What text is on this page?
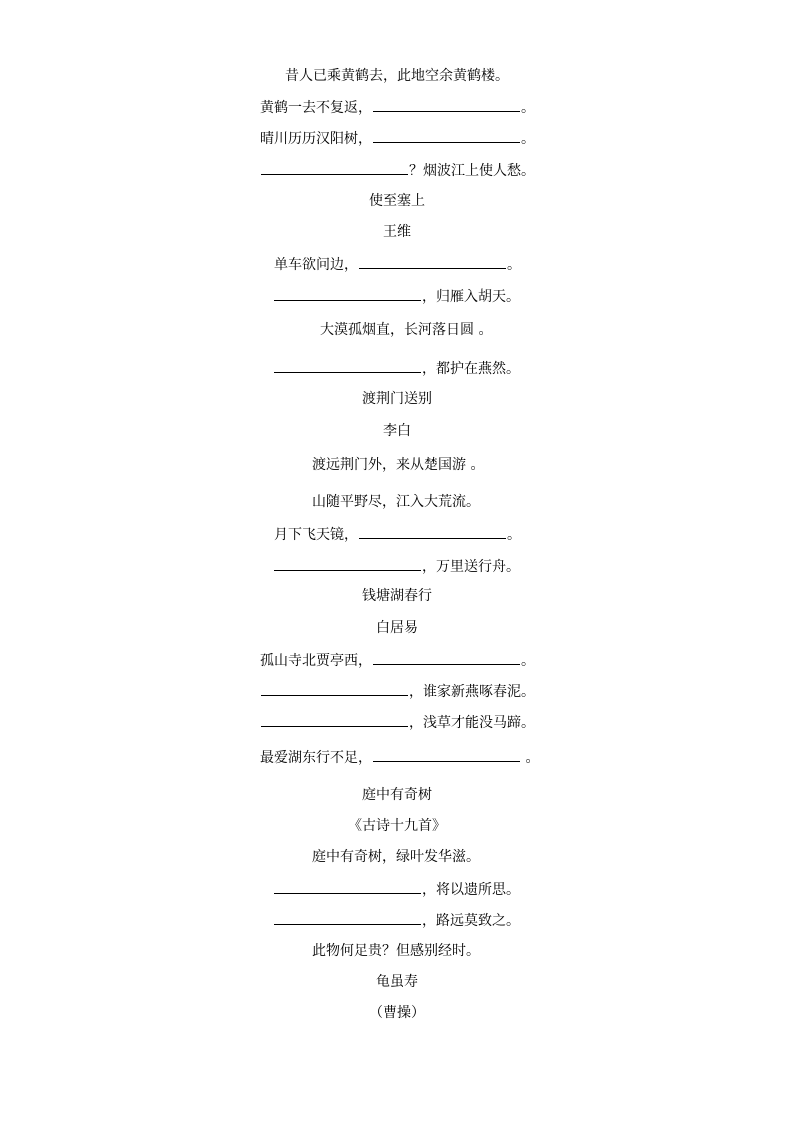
昔人已乘黄鹤去，此地空余黄鹤楼。
黄鹤一去不复返，	。
晴川历历汉阳树，	。
？烟波江上使人愁。
使至塞上
王维
单车欲问边，	。
，归雁入胡天。
大漠孤烟直，长河落日圆 。
，都护在燕然。
渡荆门送别
李白
渡远荆门外，来从楚国游 。
山随平野尽，江入大荒流。
月下飞天镜，	。
，万里送行舟。
钱塘湖春行
白居易
孤山寺北贾亭西，	。
，谁家新燕啄春泥。
，浅草才能没马蹄。
最爱湖东行不足，	。
庭中有奇树
《古诗十九首》
庭中有奇树，绿叶发华滋。
，将以遗所思。
，路远莫致之。
此物何足贵？但感别经时。
龟虽寿
（曹操）
